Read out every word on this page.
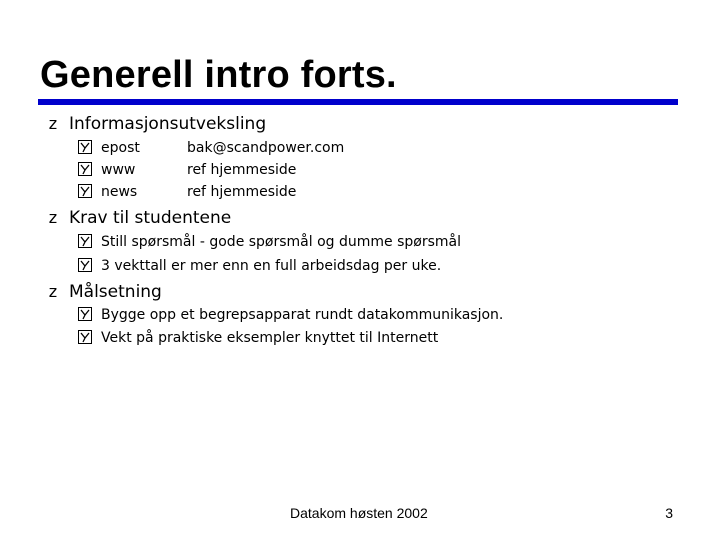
Generell intro forts.
z Informasjonsutveksling
epost	bak@scandpower.com
www	ref hjemmeside
news	ref hjemmeside
z Krav til studentene
Still spørsmål - gode spørsmål og dumme spørsmål
3 vekttall er mer enn en full arbeidsdag per uke.
z Målsetning
Bygge opp et begrepsapparat rundt datakommunikasjon.
Vekt på praktiske eksempler knyttet til Internett
Datakom høsten 2002	3
